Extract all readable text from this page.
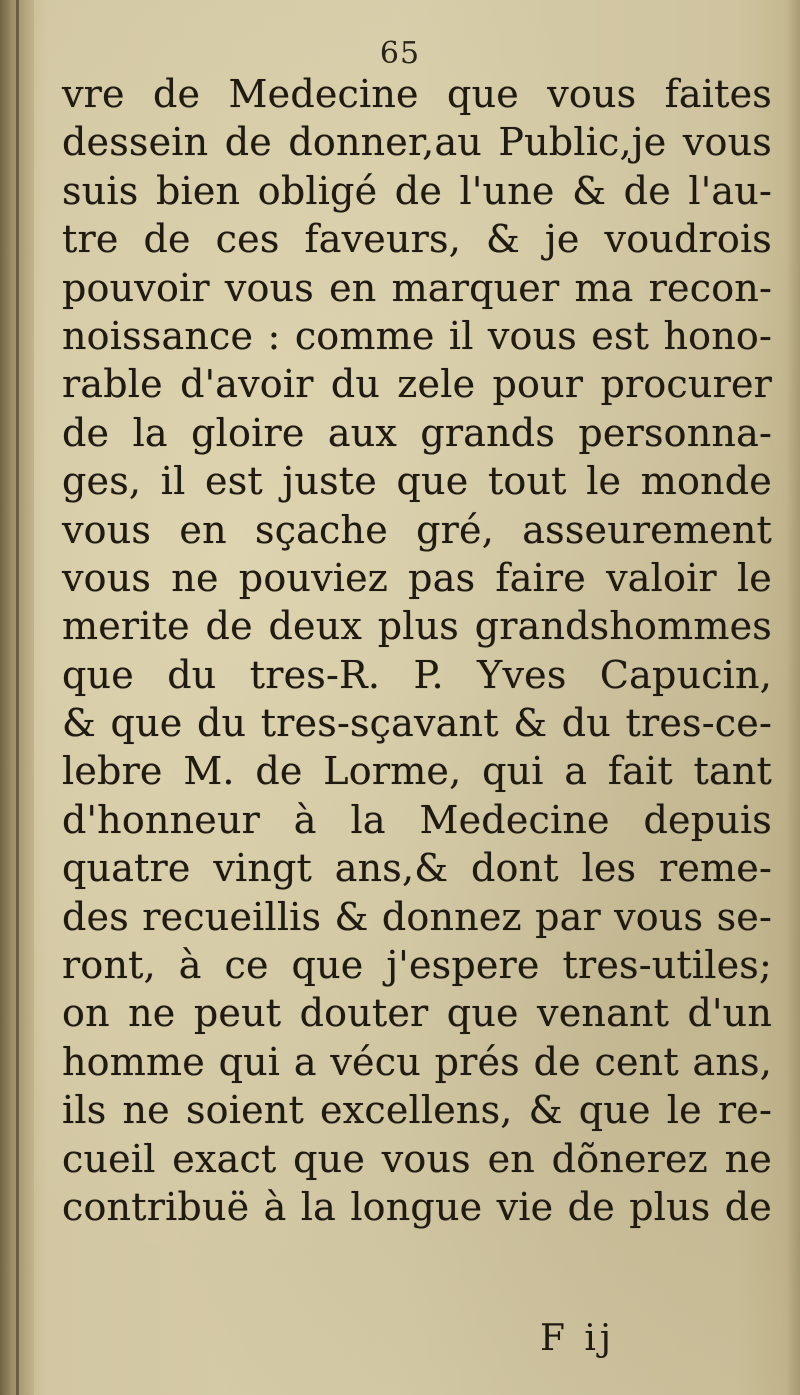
65
vre de Medecine que vous faites
dessein de donner,au Public,je vous
suis bien obligé de l'une & de l'au-
tre de ces faveurs, & je voudrois
pouvoir vous en marquer ma recon-
noissance : comme il vous est hono-
rable d'avoir du zele pour procurer
de la gloire aux grands personna-
ges, il est juste que tout le monde
vous en sçache gré, asseurement
vous ne pouviez pas faire valoir le
merite de deux plus grandshommes
que du tres-R. P. Yves Capucin,
& que du tres-sçavant & du tres-ce-
lebre M. de Lorme, qui a fait tant
d'honneur à la Medecine depuis
quatre vingt ans,& dont les reme-
des recueillis & donnez par vous se-
ront, à ce que j'espere tres-utiles;
on ne peut douter que venant d'un
homme qui a vécu prés de cent ans,
ils ne soient excellens, & que le re-
cueil exact que vous en dõnerez ne
contribuë à la longue vie de plus de
F ij
